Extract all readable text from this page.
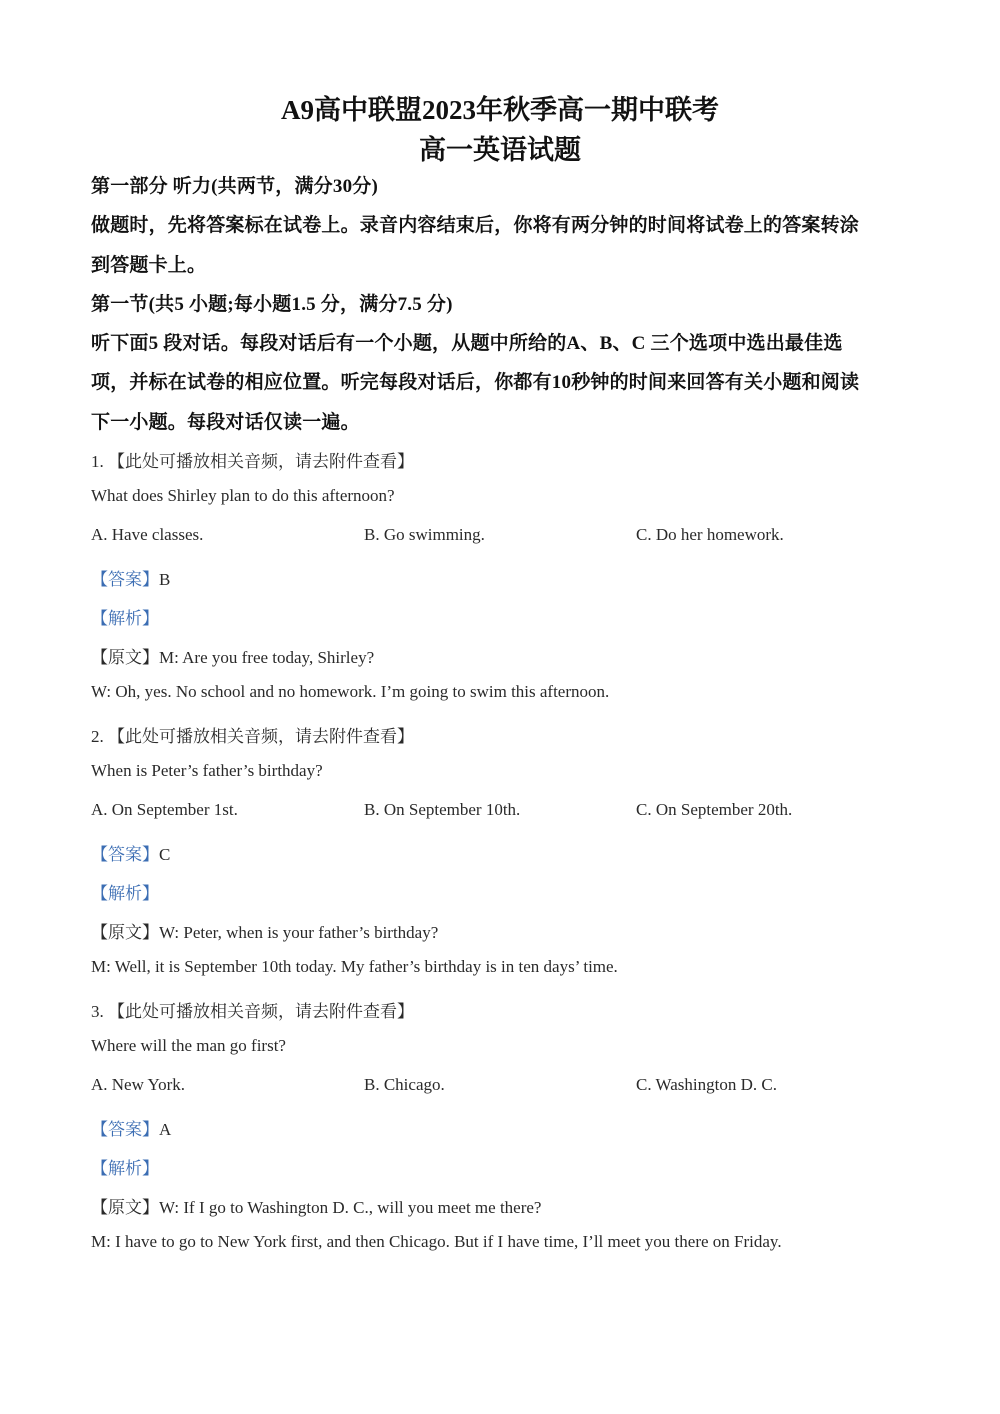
A9高中联盟2023年秋季高一期中联考
高一英语试题
第一部分 听力(共两节，满分30分)
做题时，先将答案标在试卷上。录音内容结束后，你将有两分钟的时间将试卷上的答案转涂
到答题卡上。
第一节(共5 小题;每小题1.5 分，满分7.5 分)
听下面5 段对话。每段对话后有一个小题，从题中所给的A、B、C 三个选项中选出最佳选
项，并标在试卷的相应位置。听完每段对话后，你都有10秒钟的时间来回答有关小题和阅读
下一小题。每段对话仅读一遍。
1. 【此处可播放相关音频，请去附件查看】
What does Shirley plan to do this afternoon?
A. Have classes.	B. Go swimming.	C. Do her homework.
【答案】B
【解析】
【原文】M: Are you free today, Shirley?
W: Oh, yes. No school and no homework. I’m going to swim this afternoon.
2. 【此处可播放相关音频，请去附件查看】
When is Peter’s father’s birthday?
A. On September 1st.	B. On September 10th.	C. On September 20th.
【答案】C
【解析】
【原文】W: Peter, when is your father’s birthday?
M: Well, it is September 10th today. My father’s birthday is in ten days’ time.
3. 【此处可播放相关音频，请去附件查看】
Where will the man go first?
A. New York.	B. Chicago.	C. Washington D. C.
【答案】A
【解析】
【原文】W: If I go to Washington D. C., will you meet me there?
M: I have to go to New York first, and then Chicago. But if I have time, I’ll meet you there on Friday.
